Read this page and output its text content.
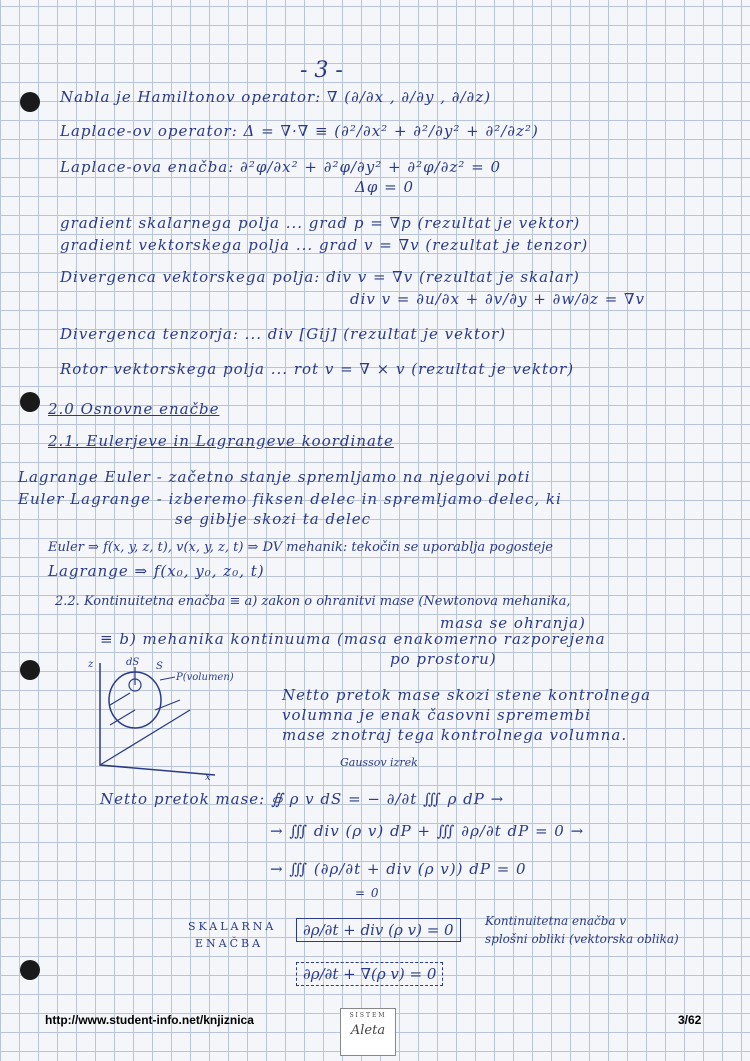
- 3 -
Nabla je Hamiltonov operator: ∇ (∂/∂x , ∂/∂y , ∂/∂z)
Laplace-ov operator: Δ = ∇·∇ ≡ (∂²/∂x² + ∂²/∂y² + ∂²/∂z²)
Laplace-ova enačba: ∂²φ/∂x² + ∂²φ/∂y² + ∂²φ/∂z² = 0
Δφ = 0
gradient skalarnega polja ... grad p = ∇p (rezultat je vektor)
gradient vektorskega polja ... grad v = ∇v (rezultat je tenzor)
Divergenca vektorskega polja: div v = ∇v (rezultat je skalar)
div v = ∂u/∂x + ∂v/∂y + ∂w/∂z = ∇v
Divergenca tenzorja: ... div [Gij] (rezultat je vektor)
Rotor vektorskega polja ... rot v = ∇ × v (rezultat je vektor)
2.0 Osnovne enačbe
2.1. Eulerjeve in Lagrangeve koordinate
Lagrange Euler - začetno stanje spremljamo na njegovi poti
Euler Lagrange - izberemo fiksen delec in spremljamo delec, ki
se giblje skozi ta delec
Euler ⇒ f(x, y, z, t), v(x, y, z, t) ⇒ DV mehanik: tekočin se uporablja pogosteje
Lagrange ⇒ f(x₀, y₀, z₀, t)
2.2. Kontinuitetna enačba ≡ a) zakon o ohranitvi mase (Newtonova mehanika,
masa se ohranja)
≡ b) mehanika kontinuuma (masa enakomerno razporejena
po prostoru)
dS S
P(volumen)
z
x
Netto pretok mase skozi stene kontrolnega
volumna je enak časovni spremembi
mase znotraj tega kontrolnega volumna.
Gaussov izrek
Netto pretok mase: ∯ ρ v dS = − ∂/∂t ∭ ρ dP →
→ ∭ div (ρ v) dP + ∭ ∂ρ/∂t dP = 0 →
→ ∭ (∂ρ/∂t + div (ρ v)) dP = 0
= 0
SKALARNA
ENAČBA
∂ρ/∂t + div (ρ v) = 0	Kontinuitetna enačba v
splošni obliki (vektorska oblika)
∂ρ/∂t + ∇(ρ v) = 0
http://www.student-info.net/knjiznica	SISTEM
Aleta
3/62
